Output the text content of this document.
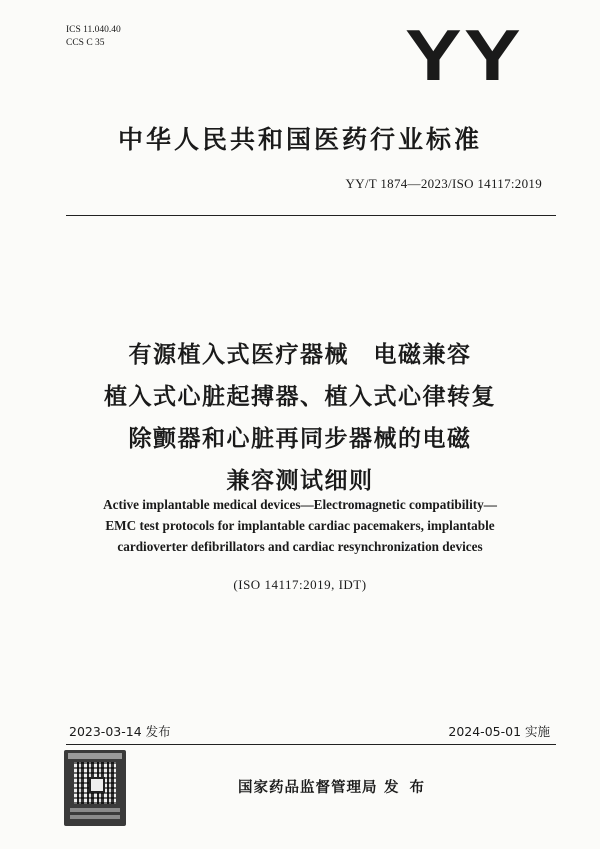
ICS 11.040.40
CCS C 35	YY
中华人民共和国医药行业标准
YY/T 1874—2023/ISO 14117:2019
有源植入式医疗器械　电磁兼容
植入式心脏起搏器、植入式心律转复
除颤器和心脏再同步器械的电磁
兼容测试细则
Active implantable medical devices—Electromagnetic compatibility—
EMC test protocols for implantable cardiac pacemakers, implantable
cardioverter defibrillators and cardiac resynchronization devices
(ISO 14117:2019, IDT)
2023-03-14 发布	2024-05-01 实施
国家药品监督管理局 发 布
